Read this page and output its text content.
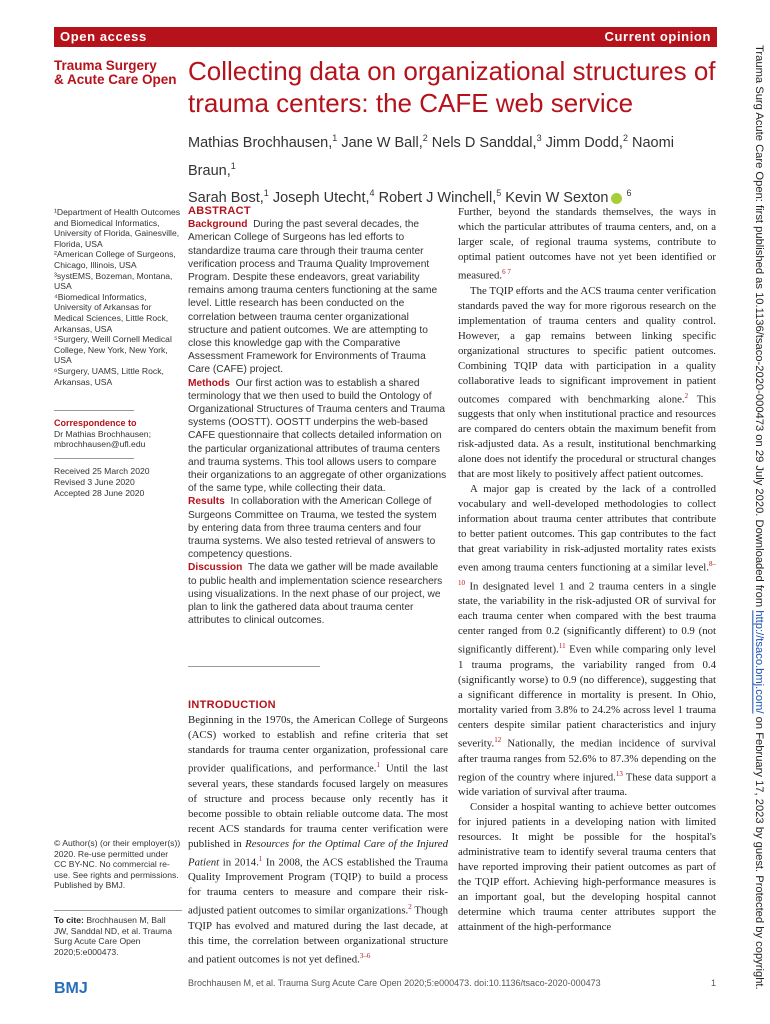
Open access	Current opinion
Trauma Surgery
& Acute Care Open Collecting data on organizational structures of trauma centers: the CAFE web service
Mathias Brochhausen,$^1$ Jane W Ball,$^2$ Nels D Sanddal,$^3$ Jimm Dodd,$^2$ Naomi Braun,$^1$
Sarah Bost,$^1$ Joseph Utecht,$^4$ Robert J Winchell,$^5$ Kevin W Sexton $^6$

¹Department of Health Outcomes and Biomedical Informatics, University of Florida, Gainesville, Florida, USA

²American College of Surgeons, Chicago, Illinois, USA

³systEMS, Bozeman, Montana, USA

⁴Biomedical Informatics, University of Arkansas for Medical Sciences, Little Rock, Arkansas, USA

⁵Surgery, Weill Cornell Medical College, New York, New York, USA

⁶Surgery, UAMS, Little Rock, Arkansas, USA

Correspondence to
Dr Mathias Brochhausen;
mbrochhausen@ufl.edu
Received 25 March 2020
Revised 3 June 2020
Accepted 28 June 2020
© Author(s) (or their employer(s)) 2020. Re-use permitted under CC BY-NC. No commercial re-use. See rights and permissions. Published by BMJ.
To cite: Brochhausen M, Ball JW, Sanddal ND, et al. Trauma Surg Acute Care Open 2020;5:e000473.
ABSTRACT

Background During the past several decades, the American College of Surgeons has led efforts to standardize trauma care through their trauma center verification process and Trauma Quality Improvement Program. Despite these endeavors, great variability remains among trauma centers functioning at the same level. Little research has been conducted on the correlation between trauma center organizational structure and patient outcomes. We are attempting to close this knowledge gap with the Comparative Assessment Framework for Environments of Trauma Care (CAFE) project.

Methods Our first action was to establish a shared terminology that we then used to build the Ontology of Organizational Structures of Trauma centers and Trauma systems (OOSTT). OOSTT underpins the web-based CAFE questionnaire that collects detailed information on the particular organizational attributes of trauma centers and trauma systems. This tool allows users to compare their organizations to an aggregate of other organizations of the same type, while collecting their data.

Results In collaboration with the American College of Surgeons Committee on Trauma, we tested the system by entering data from three trauma centers and four trauma systems. We also tested retrieval of answers to competency questions.

Discussion The data we gather will be made available to public health and implementation science researchers using visualizations. In the next phase of our project, we plan to link the gathered data about trauma center attributes to clinical outcomes.

INTRODUCTION

Beginning in the 1970s, the American College of Surgeons (ACS) worked to establish and refine criteria that set standards for trauma center organization, professional care provider qualifications, and performance.$^1$ Until the last several years, these standards focused largely on measures of structure and process because only recently has it become possible to obtain reliable outcome data. The most recent ACS standards for trauma center verification were published in Resources for the Optimal Care of the Injured Patient in 2014.$^1$ In 2008, the ACS established the Trauma Quality Improvement Program (TQIP) to build a process for trauma centers to measure and compare their risk-adjusted patient outcomes to similar organizations.$^2$ Though TQIP has evolved and matured during the last decade, at this time, the correlation between organizational structure and patient outcomes is not yet defined.$^{3-6}$

Further, beyond the standards themselves, the ways in which the particular attributes of trauma centers, and, on a larger scale, of regional trauma systems, contribute to optimal patient outcomes have not yet been identified or measured.$^{6 7}$

The TQIP efforts and the ACS trauma center verification standards paved the way for more rigorous research on the implementation of trauma centers and quality control. However, a gap remains between linking specific organizational structures to specific patient outcomes. Combining TQIP data with participation in a quality collaborative leads to significant improvement in patient outcomes compared with benchmarking alone.$^2$ This suggests that only when institutional practice and resources are compared do centers obtain the maximum benefit from risk-adjusted data. As a result, institutional benchmarking alone does not identify the procedural or structural changes that are most likely to positively affect patient outcomes.

A major gap is created by the lack of a controlled vocabulary and well-developed methodologies to collect information about trauma center attributes that contribute to better patient outcomes. This gap contributes to the fact that great variability in risk-adjusted mortality rates exists even among trauma centers functioning at a similar level.$^{8-10}$ In designated level 1 and 2 trauma centers in a single state, the variability in the risk-adjusted OR of survival for each trauma center when compared with the best trauma center ranged from 0.2 (significantly different) to 0.9 (not significantly different).$^{11}$ Even while comparing only level 1 trauma programs, the variability ranged from 0.4 (significantly worse) to 0.9 (no difference), suggesting that a significant difference in mortality is present. In Ohio, mortality varied from 3.8% to 24.2% across level 1 trauma centers despite similar patient characteristics and injury severity.$^{12}$ Nationally, the median incidence of survival after trauma ranges from 52.6% to 87.3% depending on the region of the country where injured.$^{13}$ These data support a wide variation of survival after trauma.

Consider a hospital wanting to achieve better outcomes for injured patients in a developing nation with limited resources. It might be possible for the hospital's administrative team to identify several trauma centers that have reported improving their patient outcomes as part of the TQIP effort. Achieving high-performance measures is an important goal, but the developing hospital cannot determine which trauma center attributes support the attainment of the high-performance

BMJ	Brochhausen M, et al. Trauma Surg Acute Care Open 2020;5:e000473. doi:10.1136/tsaco-2020-000473	1
Trauma Surg Acute Care Open: first published as 10.1136/tsaco-2020-000473 on 29 July 2020. Downloaded from http://tsaco.bmj.com/ on February 17, 2023 by guest. Protected by copyright.
